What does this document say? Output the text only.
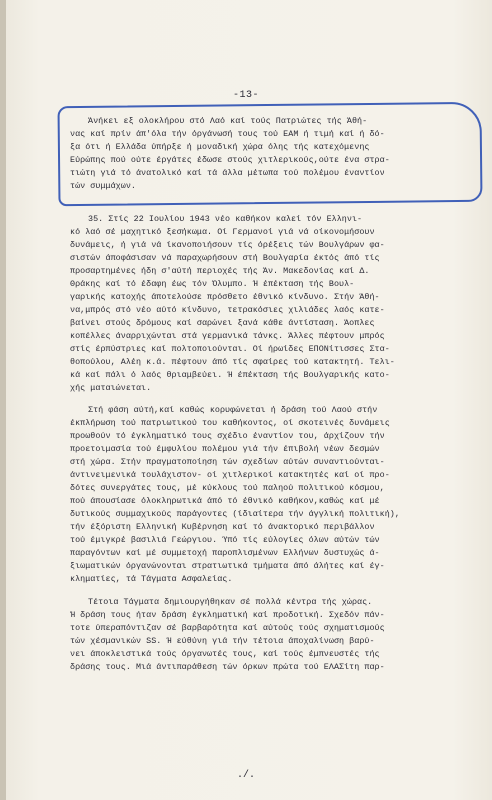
-13-
Άνήκει εξ ολοκλήρου στό Λαό καί τούς Πατριώτες τής Άθή-
νας καί πρίν άπ'όλα τήν όργάνωσή τους τού ΕΑΜ ή τιμή καί ή δό-
ξα ότι ή Ελλάδα ύπήρξε ή μοναδική χώρα όλης τής κατεχόμενης
Εύρώπης πού ούτε έργάτες έδωσε στούς χιτλερικούς,ούτε ένα στρα-
τιώτη γιά τό άνατολικό καί τά άλλα μέτωπα τού πολέμου έναντίον
τών συμμάχων.
35. Στίς 22 Ιουλίου 1943 νέο καθήκον καλεί τόν Ελληνι-
κό λαό σέ μαχητικό ξεσήκωμα. Οί Γερμανοί γιά νά οίκονομήσουν
δυνάμεις, ή γιά νά ίκανοποιήσουν τίς όρέξεις τών Βουλγάρων φα-
σιστών άποφάσισαν νά παραχωρήσουν στή Βουλγαρία έκτός άπό τίς
προσαρτημένες ήδη σ'αύτή περιοχές τής Άν. Μακεδονίας καί Δ.
Θράκης καί τό έδαφη έως τόν Όλυμπο. Ή έπέκταση τής Βουλ-
γαρικής κατοχής άποτελούσε πρόσθετο έθνικό κίνδυνο. Στήν Άθή-
να,μπρός στό νέο αύτό κίνδυνο, τετρακόσιες χιλιάδες λαός κατε-
βαίνει στούς δρόμους καί σαρώνει ξανά κάθε άντίσταση. Άοπλες
κοπέλλες άναρριχώνται στά γερμανικά τάνκς. Άλλες πέφτουν μπρός
στίς έρπύστριες καί πολτοποιούνται. Οί ήρωίδες ΕΠΟΝίτισσες Στα-
θοπούλου, Αλέη κ.ά. πέφτουν άπό τίς σφαίρες τού κατακτητή. Τελι-
κά καί πάλι ό λαός θριαμβεύει. Ή έπέκταση τής Βουλγαρικής κατο-
χής ματαιώνεται.
Στή φάση αύτή,καί καθώς κορυφώνεται ή δράση τού Λαού στήν
έκπλήρωση τού πατριωτικού του καθήκοντος, οί σκοτεινές δυνάμεις
προωθούν τό έγκληματικό τους σχέδιο έναντίον του, άρχίζουν τήν
προετοιμασία τού έμφυλίου πολέμου γιά τήν έπιβολή νέων δεσμών
στή χώρα. Στήν πραγματοποίηση τών σχεδίων αύτών συναντιούνται-
άντινειμενικά τουλάχιστον- οί χιτλερικοί κατακτητές καί οί προ-
δότες συνεργάτες τους, μέ κύκλους τού παληού πολιτικού κόσμου,
πού άπουσίασε όλοκληρωτικά άπό τό έθνικό καθήκον,καθώς καί μέ
δυτικούς συμμαχικούς παράγοντες (ίδιαίτερα τήν άγγλική πολιτική),
τήν έξόριστη Ελληνική Κυβέρνηση καί τό άνακτορικό περιβάλλον
τού έμιγκρέ βασιλιά Γεώργιου. Ύπό τίς εύλογίες όλων αύτών τών
παραγόντων καί μέ συμμετοχή παροπλισμένων Ελλήνων δυστυχώς ά-
ξιωματικών όργανώνονται στρατιωτικά τμήματα άπό άλήτες καί έγ-
κληματίες, τά Τάγματα Ασφαλείας.
Τέτοια Τάγματα δημιουργήθηκαν σέ πολλά κέντρα τής χώρας.
Ή δράση τους ήταν δράση έγκληματική καί προδοτική. Σχεδόν πάν-
τοτε ύπεραπόντιζαν σέ βαρβαρότητα καί αύτούς τούς σχηματισμούς
τών χέσμανικών SS. Ή εύθύνη γιά τήν τέτοια άποχαλίνωση βαρύ-
νει άποκλειστικά τούς όργανωτές τους, καί τούς έμπνευστές τής
δράσης τους. Μιά άντιπαράθεση τών όρκων πρώτα τού ΕΛΑΣίτη παρ-
./.
